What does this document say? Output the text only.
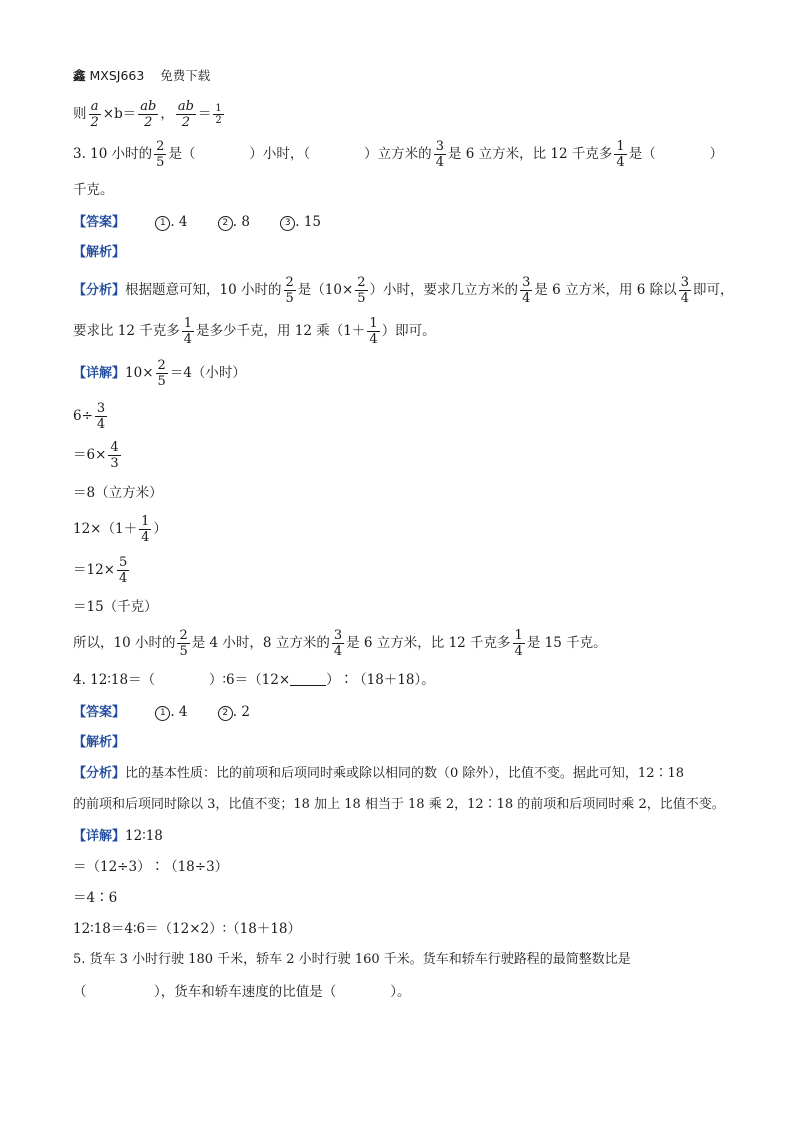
鑫 MXSJ663 免费下载
则 $\frac{a}{2} \times b= \frac{ab}{2}$ ， $\frac{ab}{2} = \frac{1}{2}$
3. 10 小时的 $\frac{2}{5}$ 是（　　　　）小时，（　　　　）立方米的 $\frac{3}{4}$ 是 6 立方米，比 12 千克多 $\frac{1}{4}$ 是（　　　　）
千克。
【答案】	1 . 4	2 . 8	3 . 15
【解析】
【分析】根据题意可知，10 小时的 $\frac{2}{5}$ 是（$10\times \frac{2}{5}$ ）小时，要求几立方米的 $\frac{3}{4}$ 是 6 立方米，用 6 除以 $\frac{3}{4}$ 即可，
要求比 12 千克多 $\frac{1}{4}$ 是多少千克，用 12 乘（$1+ \frac{1}{4}$ ）即可。
【详解】$10\times \frac{2}{5} =4$（小时）
$6\div \frac{3}{4}$
$=6\times \frac{4}{3}$
＝8（立方米）
$12\times(1+ \frac{1}{4}$ ）
$=12\times \frac{5}{4}$
＝15（千克）
所以，10 小时的 $\frac{2}{5}$ 是 4 小时，8 立方米的 $\frac{3}{4}$ 是 6 立方米，比 12 千克多 $\frac{1}{4}$ 是 15 千克。
4. 12∶18＝（　　　　）∶6＝（12×	）∶（18＋18）。
【答案】	1 . 4	2 . 2
【解析】
【分析】比的基本性质：比的前项和后项同时乘或除以相同的数（0 除外），比值不变。据此可知，12∶18
的前项和后项同时除以 3，比值不变；18 加上 18 相当于 18 乘 2，12∶18 的前项和后项同时乘 2，比值不变。
【详解】12∶18
＝（12÷3）∶（18÷3）
＝4∶6
12∶18＝4∶6＝（12×2）∶（18＋18）
5. 货车 3 小时行驶 180 千米，轿车 2 小时行驶 160 千米。货车和轿车行驶路程的最简整数比是
（　　　　　），货车和轿车速度的比值是（　　　　）。
